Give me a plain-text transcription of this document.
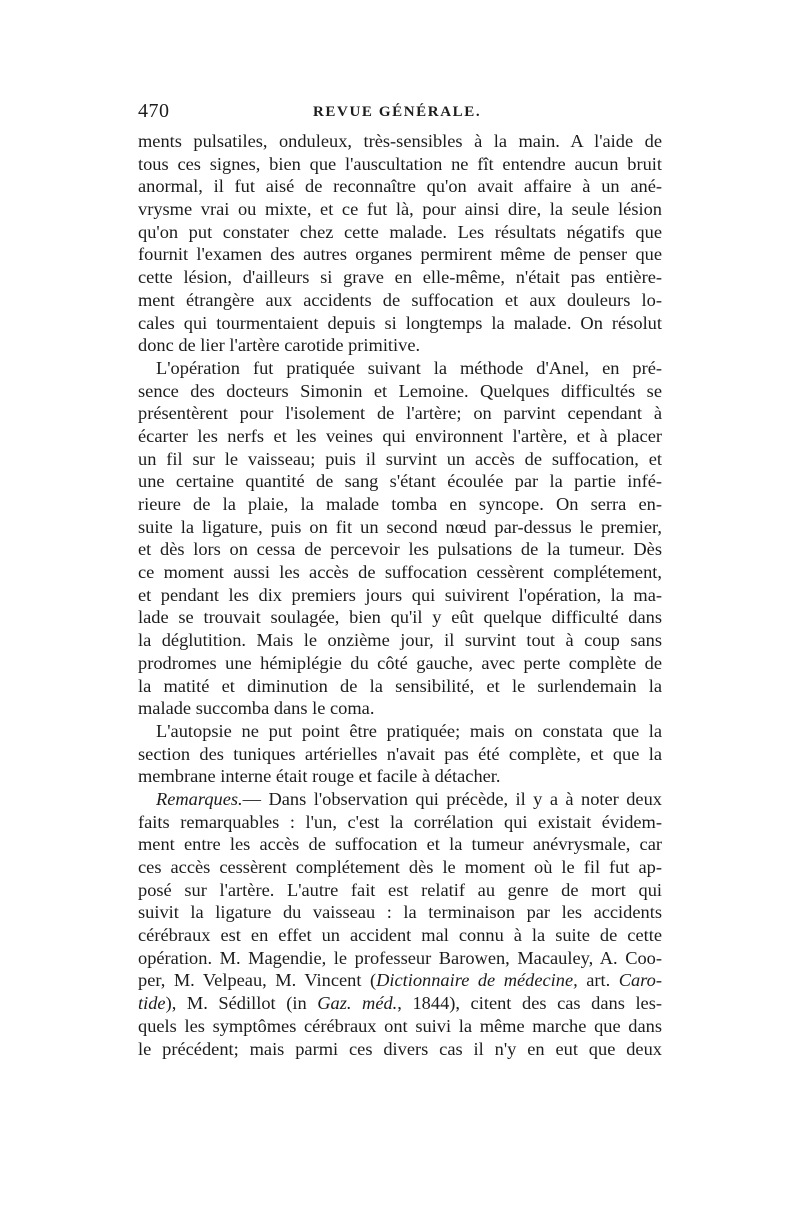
470	REVUE GÉNÉRALE.
ments pulsatiles, onduleux, très-sensibles à la main. A l'aide de
tous ces signes, bien que l'auscultation ne fît entendre aucun bruit
anormal, il fut aisé de reconnaître qu'on avait affaire à un ané-
vrysme vrai ou mixte, et ce fut là, pour ainsi dire, la seule lésion
qu'on put constater chez cette malade. Les résultats négatifs que
fournit l'examen des autres organes permirent même de penser que
cette lésion, d'ailleurs si grave en elle-même, n'était pas entière-
ment étrangère aux accidents de suffocation et aux douleurs lo-
cales qui tourmentaient depuis si longtemps la malade. On résolut
donc de lier l'artère carotide primitive.
L'opération fut pratiquée suivant la méthode d'Anel, en pré-
sence des docteurs Simonin et Lemoine. Quelques difficultés se
présentèrent pour l'isolement de l'artère; on parvint cependant à
écarter les nerfs et les veines qui environnent l'artère, et à placer
un fil sur le vaisseau; puis il survint un accès de suffocation, et
une certaine quantité de sang s'étant écoulée par la partie infé-
rieure de la plaie, la malade tomba en syncope. On serra en-
suite la ligature, puis on fit un second nœud par-dessus le premier,
et dès lors on cessa de percevoir les pulsations de la tumeur. Dès
ce moment aussi les accès de suffocation cessèrent complétement,
et pendant les dix premiers jours qui suivirent l'opération, la ma-
lade se trouvait soulagée, bien qu'il y eût quelque difficulté dans
la déglutition. Mais le onzième jour, il survint tout à coup sans
prodromes une hémiplégie du côté gauche, avec perte complète de
la matité et diminution de la sensibilité, et le surlendemain la
malade succomba dans le coma.
L'autopsie ne put point être pratiquée; mais on constata que la
section des tuniques artérielles n'avait pas été complète, et que la
membrane interne était rouge et facile à détacher.
Remarques.— Dans l'observation qui précède, il y a à noter deux
faits remarquables : l'un, c'est la corrélation qui existait évidem-
ment entre les accès de suffocation et la tumeur anévrysmale, car
ces accès cessèrent complétement dès le moment où le fil fut ap-
posé sur l'artère. L'autre fait est relatif au genre de mort qui
suivit la ligature du vaisseau : la terminaison par les accidents
cérébraux est en effet un accident mal connu à la suite de cette
opération. M. Magendie, le professeur Barowen, Macauley, A. Coo-
per, M. Velpeau, M. Vincent (Dictionnaire de médecine, art. Caro-
tide), M. Sédillot (in Gaz. méd., 1844), citent des cas dans les-
quels les symptômes cérébraux ont suivi la même marche que dans
le précédent; mais parmi ces divers cas il n'y en eut que deux
